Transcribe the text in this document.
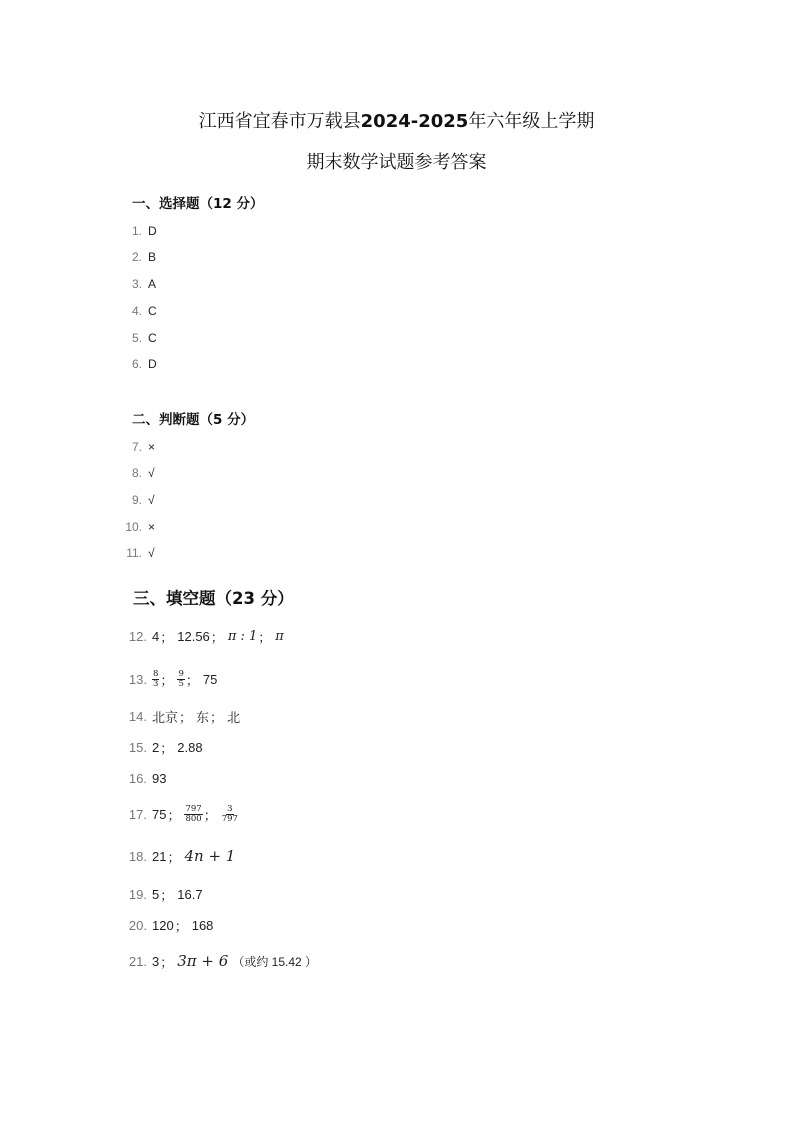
江西省宜春市万载县2024-2025年六年级上学期
期末数学试题参考答案
一、选择题（12 分）
1. D
2. B
3. A
4. C
5. C
6. D
二、判断题（5 分）
7. ×
8. √
9. √
10. ×
11. √
三、填空题（23 分）
12. 4 ； 12.56 ； π : 1 ； π
13. $\frac{8}{3}$ ； $\frac{9}{5}$ ； 75
14. 北京 ； 东 ； 北
15. 2 ； 2.88
16. 93
17. 75 ； $\frac{797}{800}$ ； $\frac{3}{797}$
18. 21 ； 4n + 1
19. 5 ； 16.7
20. 120 ； 168
21. 3 ； 3π + 6 （或约 15.42 ）
